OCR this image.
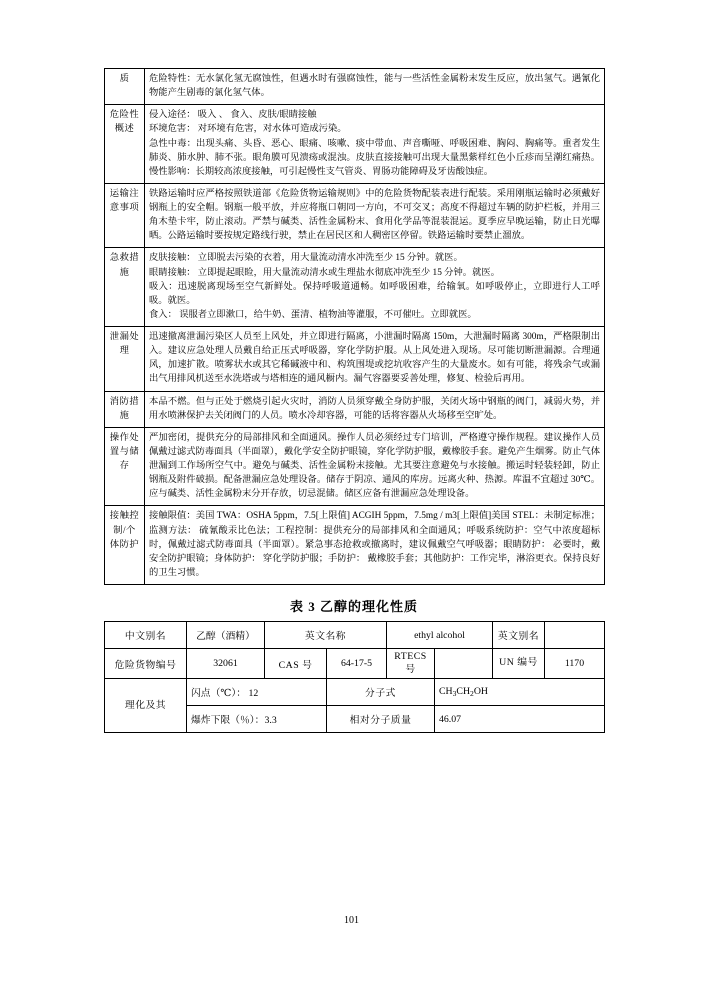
质	危险特性：无水氯化氢无腐蚀性，但遇水时有强腐蚀性，能与一些活性金属粉末发生反应，放出氢气。遇氰化物能产生剧毒的氯化氢气体。

危险性概述	侵入途径： 吸入 、 食入、皮肤/眼睛接触

环境危害： 对环境有危害，对水体可造成污染。

急性中毒：出现头痛、头昏、恶心、眼痛、咳嗽、痰中带血、声音嘶哑、呼吸困难、胸闷、胸痛等。重者发生肺炎、肺水肿、肺不张。眼角膜可见溃疡或混浊。皮肤直接接触可出现大量黑紫样红色小丘疹而呈潮红痛热。慢性影响：长期较高浓度接触，可引起慢性支气管炎、胃肠功能障碍及牙齿酸蚀症。

运输注意事项	铁路运输时应严格按照铁道部《危险货物运输规则》中的危险货物配装表进行配装。采用刚瓶运输时必须戴好钢瓶上的安全帽。钢瓶一般平放，并应将瓶口朝同一方向，不可交叉；高度不得超过车辆的防护栏板，并用三角木垫卡牢，防止滚动。严禁与碱类、活性金属粉末、食用化学品等混装混运。夏季应早晚运输，防止日光曝晒。公路运输时要按规定路线行驶，禁止在居民区和人稠密区停留。铁路运输时要禁止溜放。

急救措施	皮肤接触： 立即脱去污染的衣着，用大量流动清水冲洗至少 15 分钟。就医。

眼睛接触： 立即提起眼睑，用大量流动清水或生理盐水彻底冲洗至少 15 分钟。就医。

吸入：迅速脱离现场至空气新鲜处。保持呼吸道通畅。如呼吸困难，给输氧。如呼吸停止，立即进行人工呼吸。就医。

食入： 误服者立即漱口，给牛奶、蛋清、植物油等灌服，不可催吐。立即就医。

泄漏处理	迅速撤离泄漏污染区人员至上风处，并立即进行隔离，小泄漏时隔离 150m，大泄漏时隔离 300m，严格限制出入。建议应急处理人员戴自给正压式呼吸器，穿化学防护服。从上风处进入现场。尽可能切断泄漏源。合理通风，加速扩散。喷雾状水或其它稀碱液中和、构筑围堤或挖坑收容产生的大量废水。如有可能，将残余气或漏出气用排风机送至水洗塔或与塔相连的通风橱内。漏气容器要妥善处理，修复、检验后再用。

消防措施	本品不燃。但与正处于燃烧引起火灾时，消防人员须穿戴全身防护服，关闭火场中钢瓶的阀门，减弱火势，并用水喷淋保护去关闭阀门的人员。喷水冷却容器，可能的话将容器从火场移至空旷处。

操作处置与储存	严加密闭，提供充分的局部排风和全面通风。操作人员必须经过专门培训，严格遵守操作规程。建议操作人员佩戴过滤式防毒面具（半面罩），戴化学安全防护眼镜，穿化学防护服，戴橡胶手套。避免产生烟雾。防止气体泄漏到工作场所空气中。避免与碱类、活性金属粉末接触。尤其要注意避免与水接触。搬运时轻装轻卸，防止钢瓶及附件破损。配备泄漏应急处理设备。储存于阴凉、通风的库房。远离火种、热源。库温不宜超过 30℃。应与碱类、活性金属粉末分开存放，切忌混储。储区应备有泄漏应急处理设备。

接触控制/个体防护	接触限值：美国 TWA：OSHA 5ppm，7.5[上限值] ACGIH 5ppm，7.5mg / m3[上限值]美国 STEL：未制定标准； 监测方法： 硫氰酸汞比色法；工程控制：提供充分的局部排风和全面通风；呼吸系统防护：空气中浓度超标时，佩戴过滤式防毒面具（半面罩）。紧急事态抢救或撤离时，建议佩戴空气呼吸器；眼睛防护： 必要时，戴安全防护眼镜；身体防护： 穿化学防护服；手防护： 戴橡胶手套；其他防护：工作完毕，淋浴更衣。保持良好的卫生习惯。

表 3 乙醇的理化性质
中文别名	乙醇（酒精）	英文名称		ethyl alcohol		英文别名	
危险货物编号	32061	CAS 号	64-17-5	RTECS 号		UN 编号	1170
理化及其	闪点（℃）： 12		分子式		$CH_3CH_2OH$		
	爆炸下限（％）：3.3		相对分子质量		46.07		
101
